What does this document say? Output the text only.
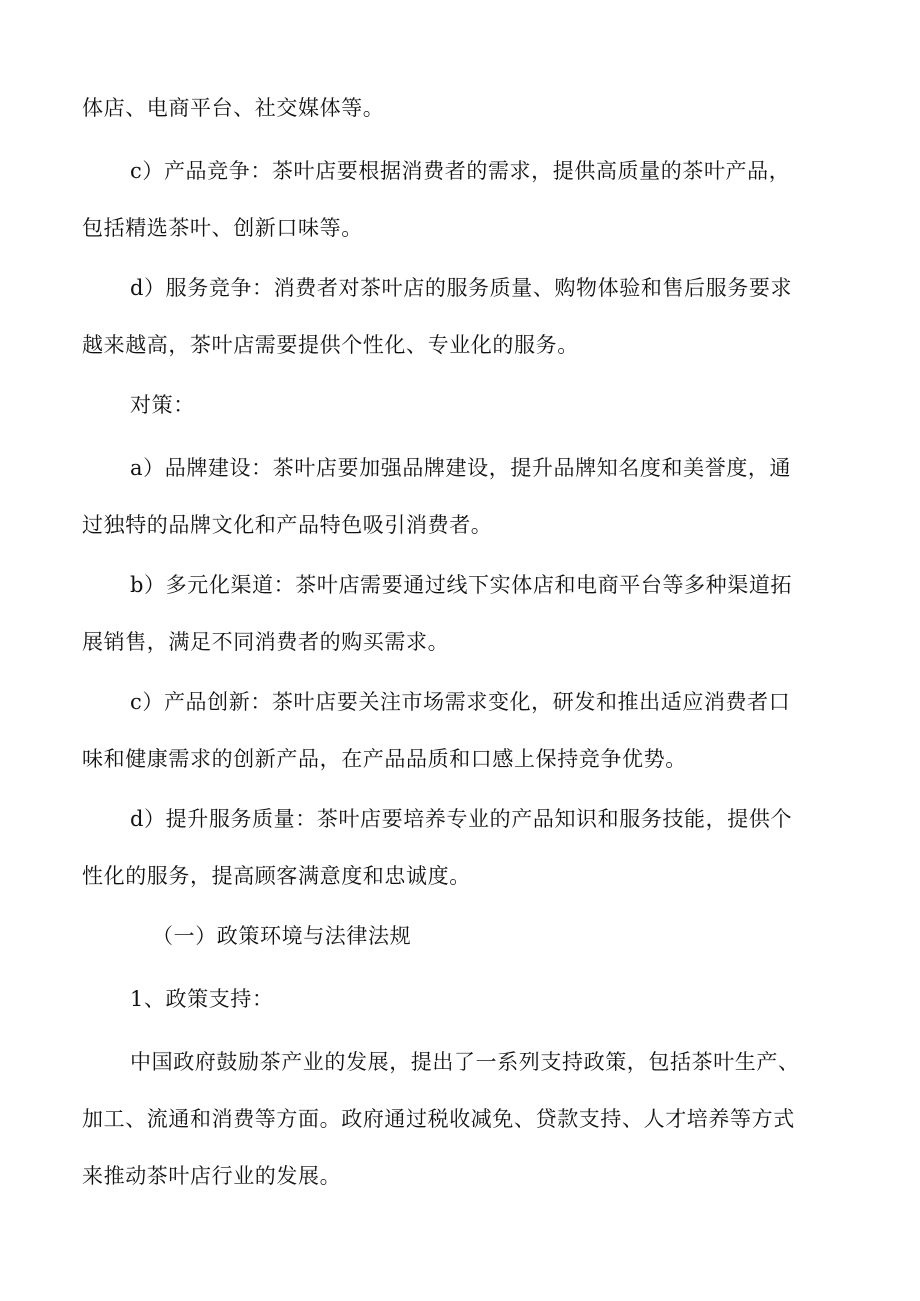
体店、电商平台、社交媒体等。
c）产品竞争：茶叶店要根据消费者的需求，提供高质量的茶叶产品，
包括精选茶叶、创新口味等。
d）服务竞争：消费者对茶叶店的服务质量、购物体验和售后服务要求
越来越高，茶叶店需要提供个性化、专业化的服务。
对策：
a）品牌建设：茶叶店要加强品牌建设，提升品牌知名度和美誉度，通
过独特的品牌文化和产品特色吸引消费者。
b）多元化渠道：茶叶店需要通过线下实体店和电商平台等多种渠道拓
展销售，满足不同消费者的购买需求。
c）产品创新：茶叶店要关注市场需求变化，研发和推出适应消费者口
味和健康需求的创新产品，在产品品质和口感上保持竞争优势。
d）提升服务质量：茶叶店要培养专业的产品知识和服务技能，提供个
性化的服务，提高顾客满意度和忠诚度。
（一）政策环境与法律法规
1、政策支持：
中国政府鼓励茶产业的发展，提出了一系列支持政策，包括茶叶生产、
加工、流通和消费等方面。政府通过税收减免、贷款支持、人才培养等方式
来推动茶叶店行业的发展。
